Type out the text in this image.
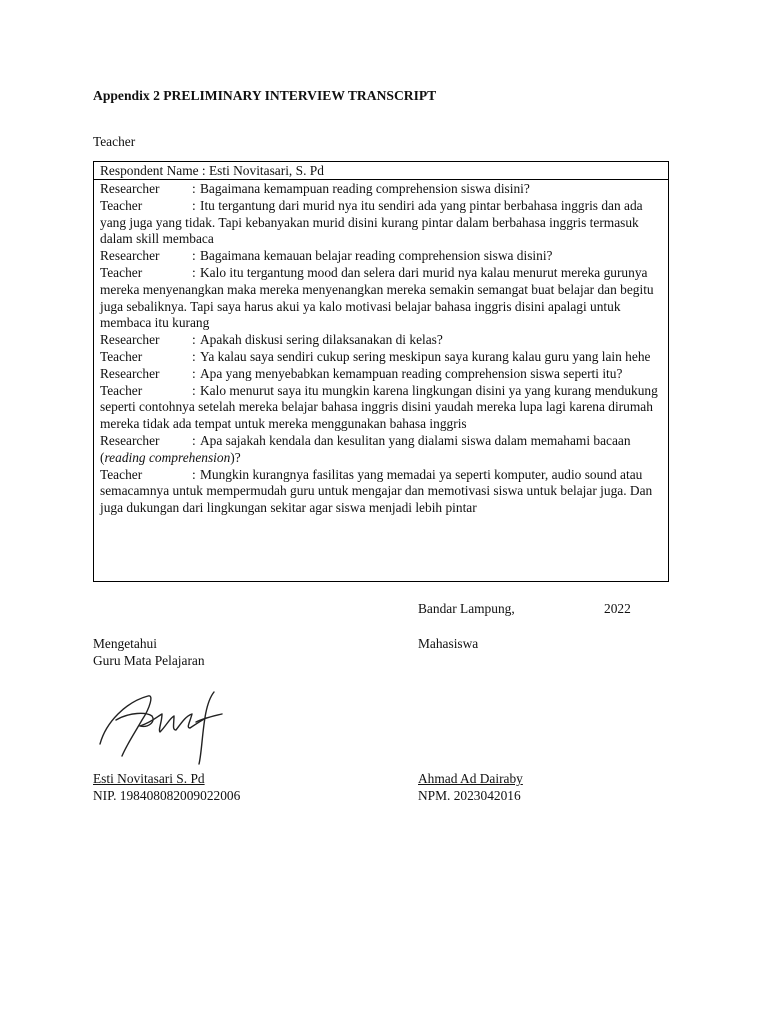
Appendix 2 PRELIMINARY INTERVIEW TRANSCRIPT
Teacher
Respondent Name : Esti Novitasari, S. Pd

Researcher : Bagaimana kemampuan reading comprehension siswa disini?

Teacher	: Itu tergantung dari murid nya itu sendiri ada yang pintar berbahasa inggris dan ada yang juga yang tidak. Tapi kebanyakan murid disini kurang pintar dalam berbahasa inggris termasuk dalam skill membaca

Researcher : Bagaimana kemauan belajar reading comprehension siswa disini?

Teacher	: Kalo itu tergantung mood dan selera dari murid nya kalau menurut mereka gurunya mereka menyenangkan maka mereka menyenangkan mereka semakin semangat buat belajar dan begitu juga sebaliknya. Tapi saya harus akui ya kalo motivasi belajar bahasa inggris disini apalagi untuk membaca itu kurang

Researcher : Apakah diskusi sering dilaksanakan di kelas?

Teacher	: Ya kalau saya sendiri cukup sering meskipun saya kurang kalau guru yang lain hehe

Researcher : Apa yang menyebabkan kemampuan reading comprehension siswa seperti itu?

Teacher	: Kalo menurut saya itu mungkin karena lingkungan disini ya yang kurang mendukung seperti contohnya setelah mereka belajar bahasa inggris disini yaudah mereka lupa lagi karena dirumah mereka tidak ada tempat untuk mereka menggunakan bahasa inggris

Researcher : Apa sajakah kendala dan kesulitan yang dialami siswa dalam memahami bacaan (reading comprehension)?

Teacher	: Mungkin kurangnya fasilitas yang memadai ya seperti komputer, audio sound atau semacamnya untuk mempermudah guru untuk mengajar dan memotivasi siswa untuk belajar juga. Dan juga dukungan dari lingkungan sekitar agar siswa menjadi lebih pintar

Bandar Lampung,	2022
Mengetahui
Guru Mata Pelajaran
Esti Novitasari S. Pd
NIP. 198408082009022006
Mahasiswa
Ahmad Ad Dairaby
NPM. 2023042016
